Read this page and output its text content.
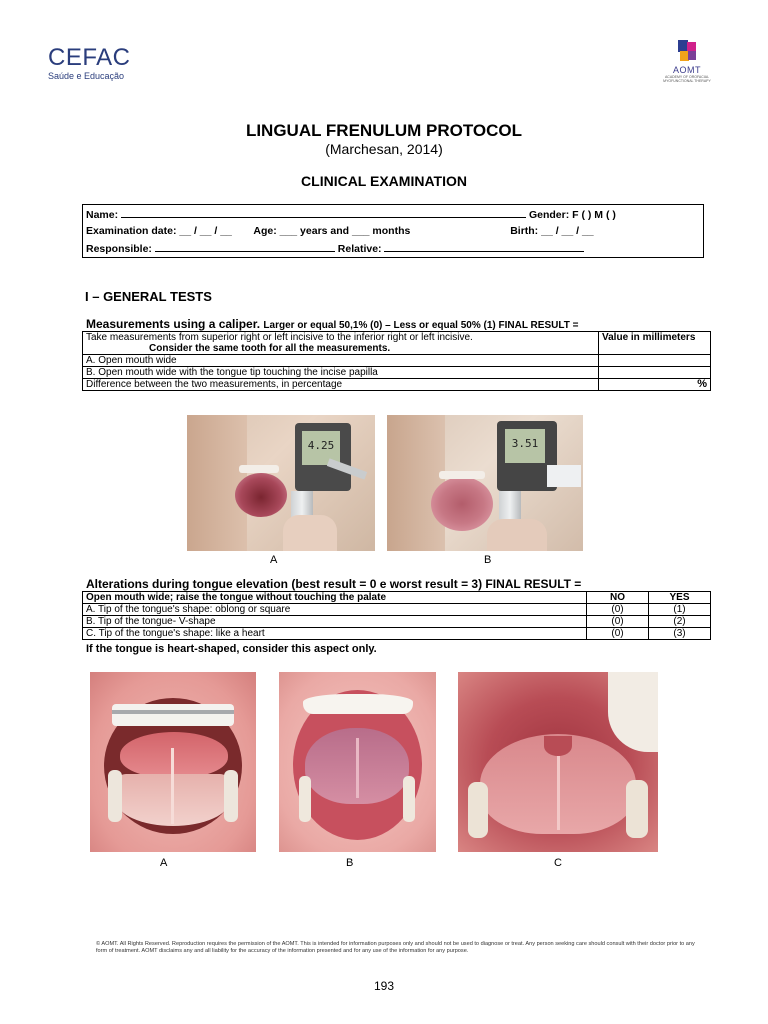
CEFAC
Saúde e Educação
AOMT
ACADEMY OF OROFACIAL
MYOFUNCTIONAL THERAPY
LINGUAL FRENULUM PROTOCOL
(Marchesan, 2014)
CLINICAL EXAMINATION
Name:	Gender: F ( ) M ( )
Examination date: __ / __ / __ Age: ___ years and ___ months	Birth: __ / __ / __
Responsible:	Relative:
I – GENERAL TESTS
Measurements using a caliper. Larger or equal 50,1% (0) – Less or equal 50% (1) FINAL RESULT =
Take measurements from superior right or left incisive to the inferior right or left incisive.
Consider the same tooth for all the measurements.	Value in millimeters
A. Open mouth wide	
B. Open mouth wide with the tongue tip touching the incise papilla	
Difference between the two measurements, in percentage	%
4.25
A
3.51
B
Alterations during tongue elevation (best result = 0 e worst result = 3) FINAL RESULT =
Open mouth wide; raise the tongue without touching the palate	NO	YES
A. Tip of the tongue's shape: oblong or square	(0)	(1)
B. Tip of the tongue- V-shape	(0)	(2)
C. Tip of the tongue's shape: like a heart	(0)	(3)
If the tongue is heart-shaped, consider this aspect only.
A	B	C
© AOMT. All Rights Reserved. Reproduction requires the permission of the AOMT. This is intended for information purposes only and should not be used to diagnose or treat. Any person seeking care should consult with their doctor prior to any form of treatment. AOMT disclaims any and all liability for the accuracy of the information presented and for any use of the information for any purpose.
193
